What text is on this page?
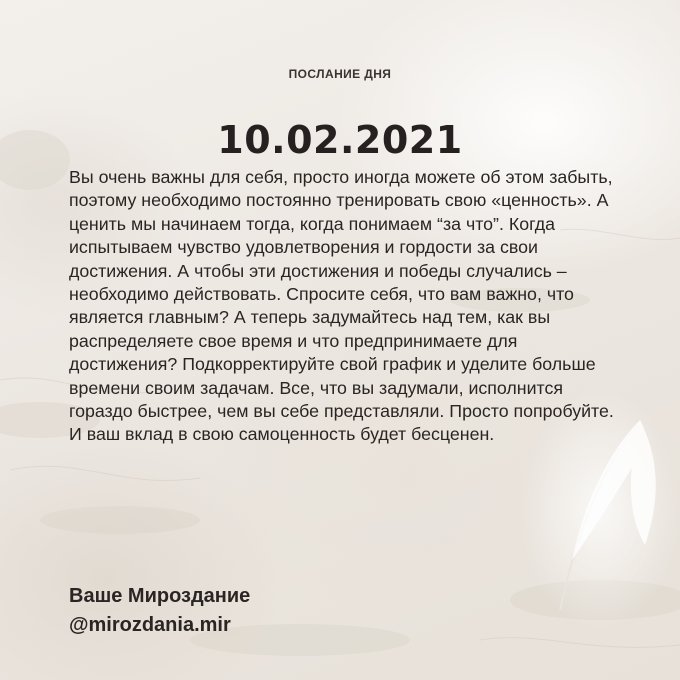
ПОСЛАНИЕ ДНЯ
10.02.2021

Вы очень важны для себя, просто иногда можете об этом забыть, поэтому необходимо постоянно тренировать свою «ценность». А ценить мы начинаем тогда, когда понимаем “за что”. Когда испытываем чувство удовлетворения и гордости за свои достижения. А чтобы эти достижения и победы случались – необходимо действовать. Спросите себя, что вам важно, что является главным? А теперь задумайтесь над тем, как вы распределяете свое время и что предпринимаете для достижения? Подкорректируйте свой график и уделите больше времени своим задачам. Все, что вы задумали, исполнится гораздо быстрее, чем вы себе представляли. Просто попробуйте. И ваш вклад в свою самоценность будет бесценен.

Ваше Мироздание
@mirozdania.mir
